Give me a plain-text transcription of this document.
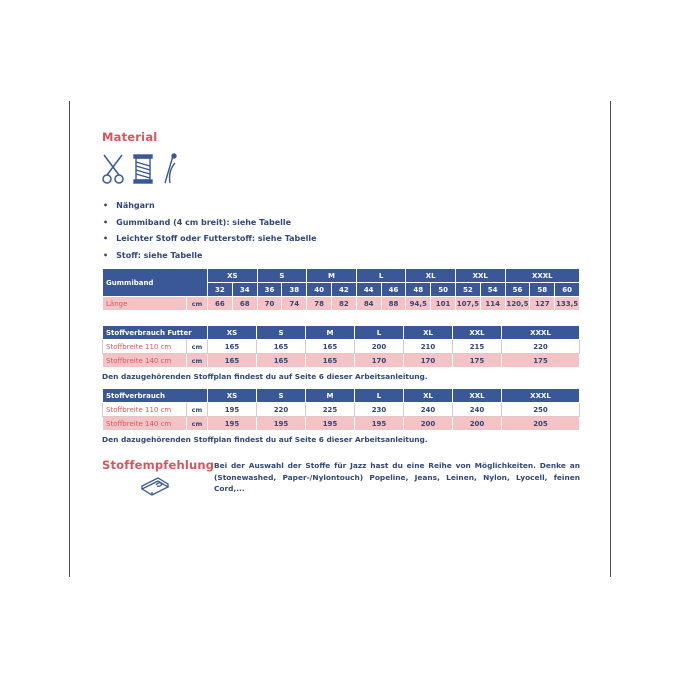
Material
• Nähgarn
• Gummiband (4 cm breit): siehe Tabelle
• Leichter Stoff oder Futterstoff: siehe Tabelle
• Stoff: siehe Tabelle
Gummiband		XS		S		M		L		XL		XXL		XXXL		
		32	34	36	38	40	42	44	46	48	50	52	54	56	58	60
Länge	cm	66	68	70	74	78	82	84	88	94,5	101	107,5	114	120,5	127	133,5
Stoffverbrauch Futter		XS	S	M	L	XL	XXL	XXXL
Stoffbreite 110 cm	cm	165	165	165	200	210	215	220
Stoffbreite 140 cm	cm	165	165	165	170	170	175	175

Den dazugehörenden Stoffplan findest du auf Seite 6 dieser Arbeitsanleitung.

Stoffverbrauch		XS	S	M	L	XL	XXL	XXXL
Stoffbreite 110 cm	cm	195	220	225	230	240	240	250
Stoffbreite 140 cm	cm	195	195	195	195	200	200	205

Den dazugehörenden Stoffplan findest du auf Seite 6 dieser Arbeitsanleitung.

Stoffempfehlung Bei der Auswahl der Stoffe für Jazz hast du eine Reihe von Möglichkeiten. Denke an (Stonewashed, Paper-/Nylontouch) Popeline, Jeans, Leinen, Nylon, Lyocell, feinen Cord,...
